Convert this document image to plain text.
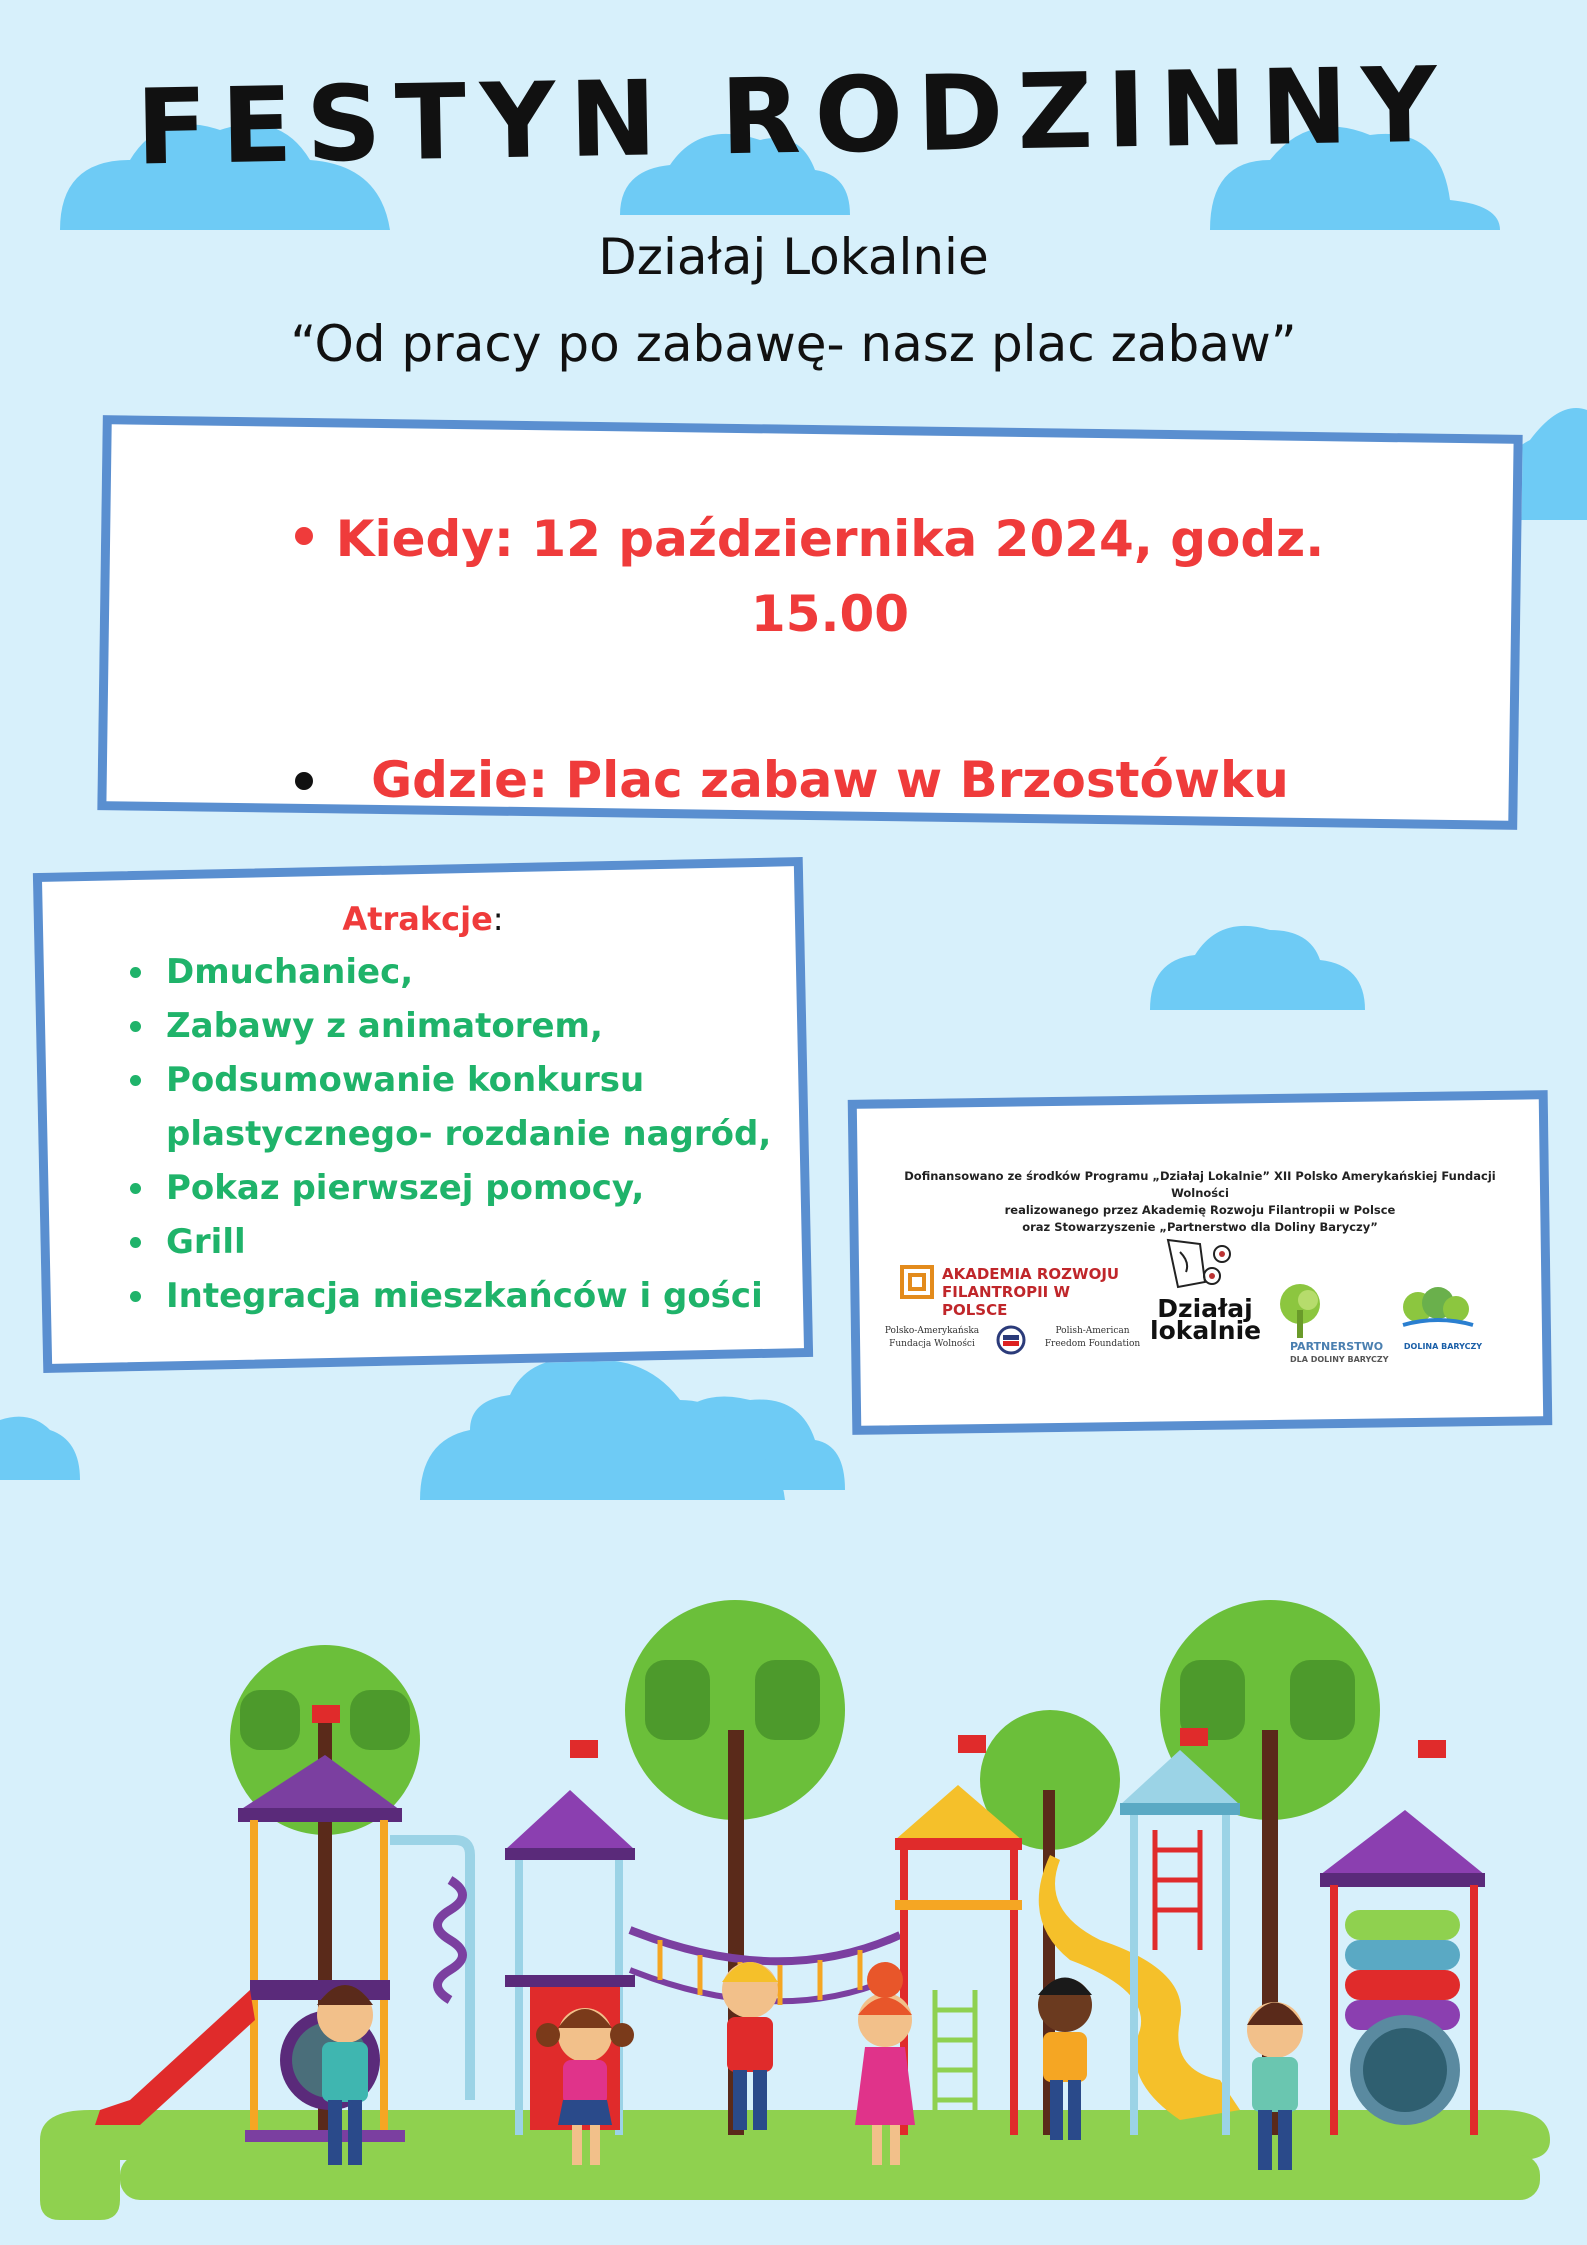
FESTYN RODZINNY
Działaj Lokalnie
“Od pracy po zabawę- nasz plac zabaw”
Kiedy: 12 października 2024, godz.
15.00
Gdzie: Plac zabaw w Brzostówku
Atrakcje:
Dmuchaniec,
Zabawy z animatorem,
Podsumowanie konkursu
plastycznego- rozdanie nagród,
Pokaz pierwszej pomocy,
Grill
Integracja mieszkańców i gości
Dofinansowano ze środków Programu „Działaj Lokalnie” XII Polsko Amerykańskiej Fundacji Wolności
realizowanego przez Akademię Rozwoju Filantropii w Polsce
oraz Stowarzyszenie „Partnerstwo dla Doliny Baryczy”
AKADEMIA ROZWOJU
FILANTROPII W POLSCE
Polsko-Amerykańska
Fundacja Wolności
Polish-American
Freedom Foundation
Działaj
lokalnie
PARTNERSTWO
DLA DOLINY BARYCZY
DOLINA BARYCZY
